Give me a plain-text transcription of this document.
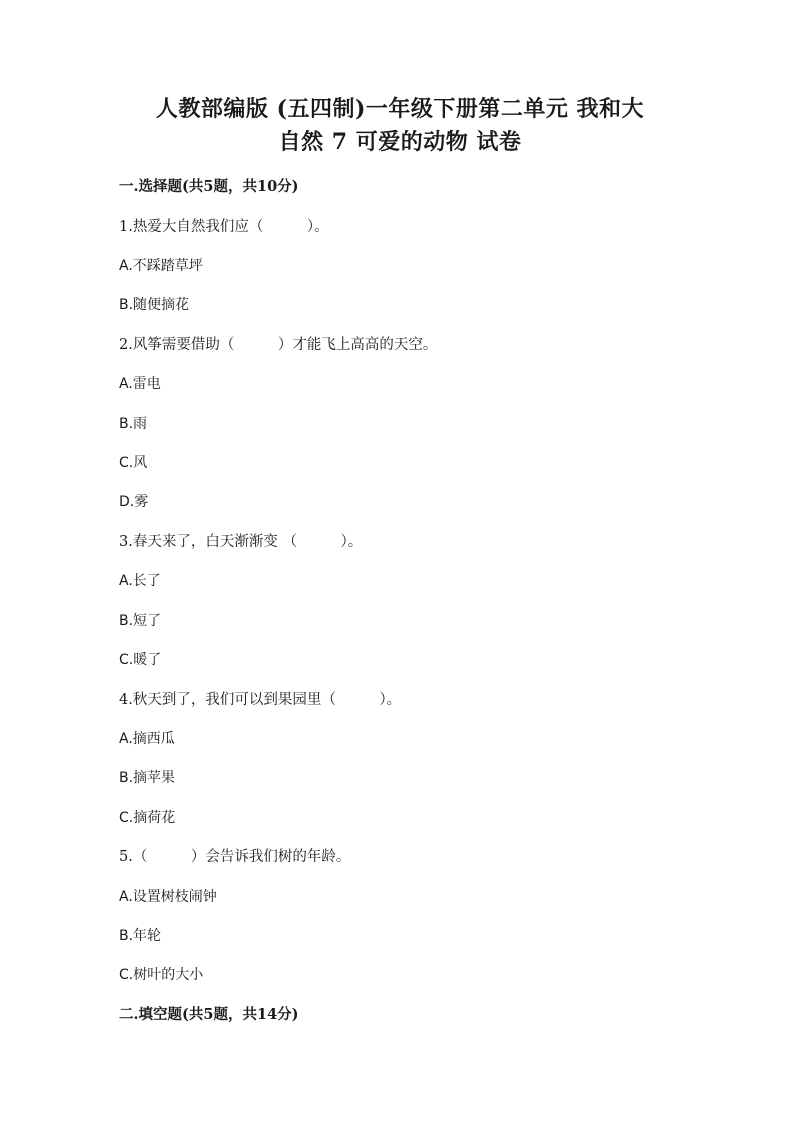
人教部编版 (五四制)一年级下册第二单元 我和大
自然 7 可爱的动物 试卷
一.选择题(共5题，共10分)
1.热爱大自然我们应（　　　）。
A.不踩踏草坪
B.随便摘花
2.风筝需要借助（　　　）才能飞上高高的天空。
A.雷电
B.雨
C.风
D.雾
3.春天来了，白天渐渐变 （　　　）。
A.长了
B.短了
C.暖了
4.秋天到了，我们可以到果园里（　　　）。
A.摘西瓜
B.摘苹果
C.摘荷花
5.（　　　）会告诉我们树的年龄。
A.设置树枝闹钟
B.年轮
C.树叶的大小
二.填空题(共5题，共14分)
